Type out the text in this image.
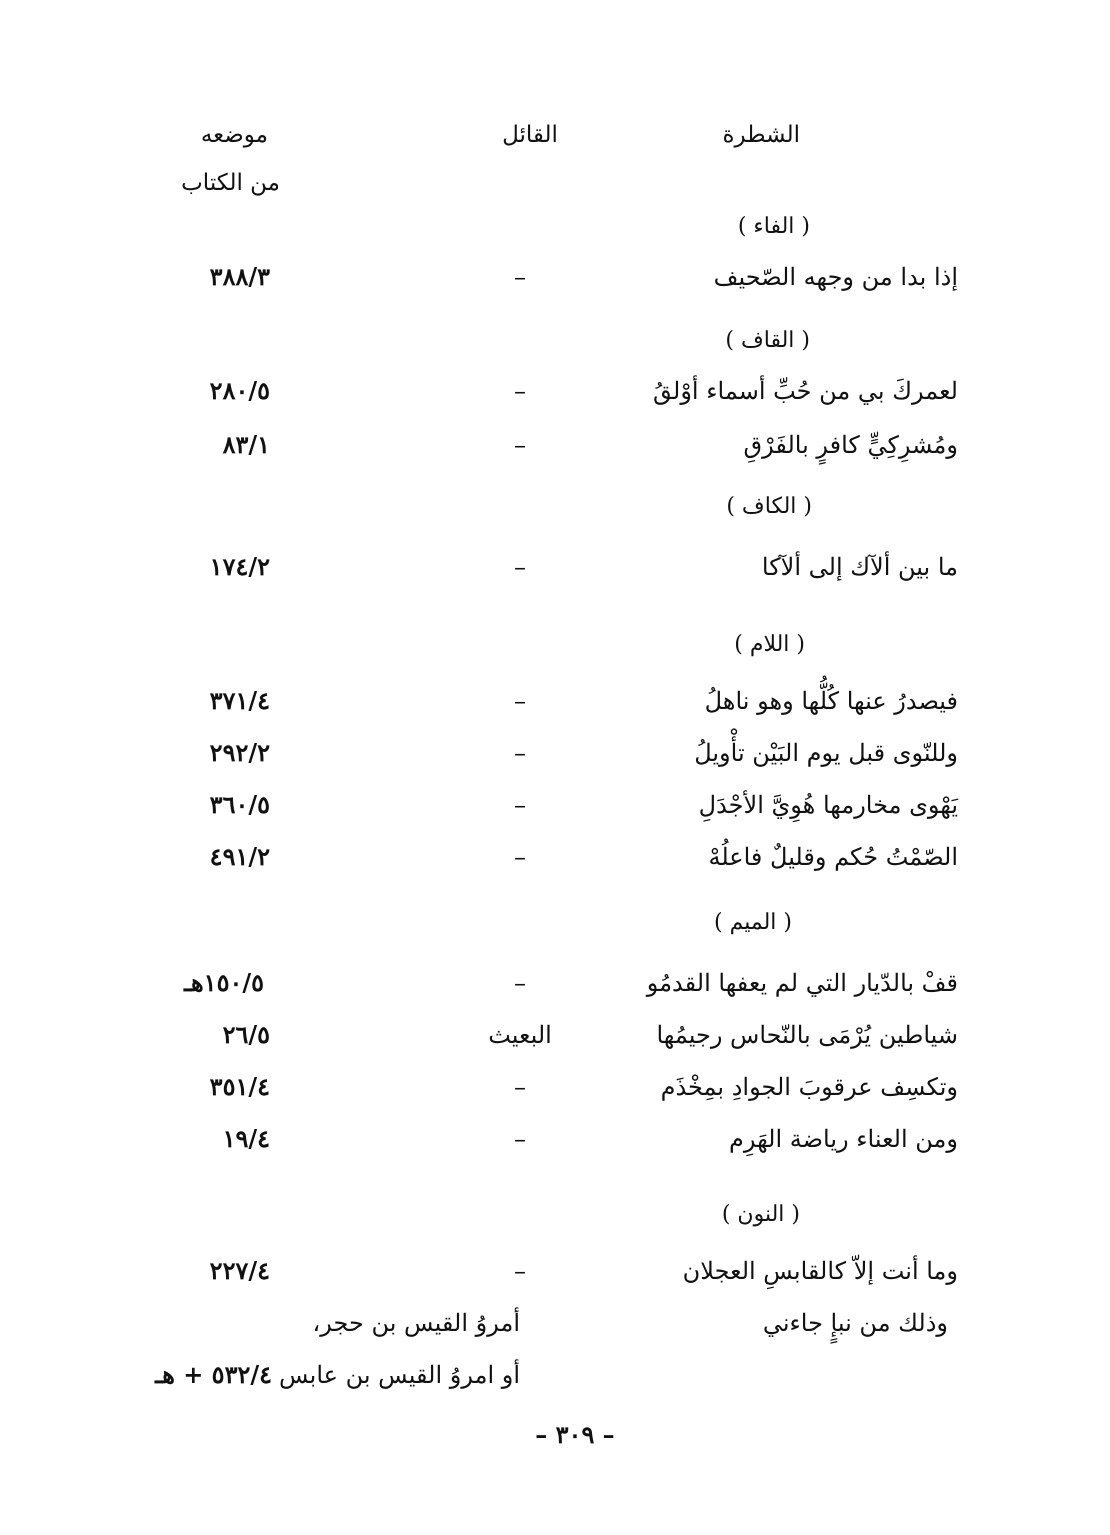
الشطرة
القائل
موضعه
من الكتاب
( الفاء )
إذا بدا من وجهه الصّحيف
–
٣٨٨/٣
( القاف )
لعمركَ بي من حُبِّ أسماء أوْلقُ
–
٢٨٠/٥
ومُشرِكِيٍّ كافرٍ بالفَرْقِ
–
٨٣/١
( الكاف )
ما بين ألآك إلى ألآكا
–
١٧٤/٢
( اللام )
فيصدرُ عنها كُلُّها وهو ناهلُ
–
٣٧١/٤
وللنّوى قبل يوم البَيْن تأْويلُ
–
٢٩٢/٢
يَهْوى مخارمها هُوِيَّ الأجْدَلِ
–
٣٦٠/٥
الصّمْتُ حُكم وقليلٌ فاعلُهْ
–
٤٩١/٢
( الميم )
قفْ بالدّيار التي لم يعفها القدمُو
–
١٥٠/٥هـ
شياطين يُرْمَى بالنّحاس رجيمُها
البعيث
٢٦/٥
وتكسِف عرقوبَ الجوادِ بمِخْذَم
–
٣٥١/٤
ومن العناء رياضة الهَرِم
–
١٩/٤
( النون )
وما أنت إلاّ كالقابسِ العجلان
–
٢٢٧/٤
وذلك من نبإٍ جاءني
أمروُ القيس بن حجر،
أو امروُ القيس بن عابس
٥٣٢/٤ + هـ
– ٣٠٩ –
